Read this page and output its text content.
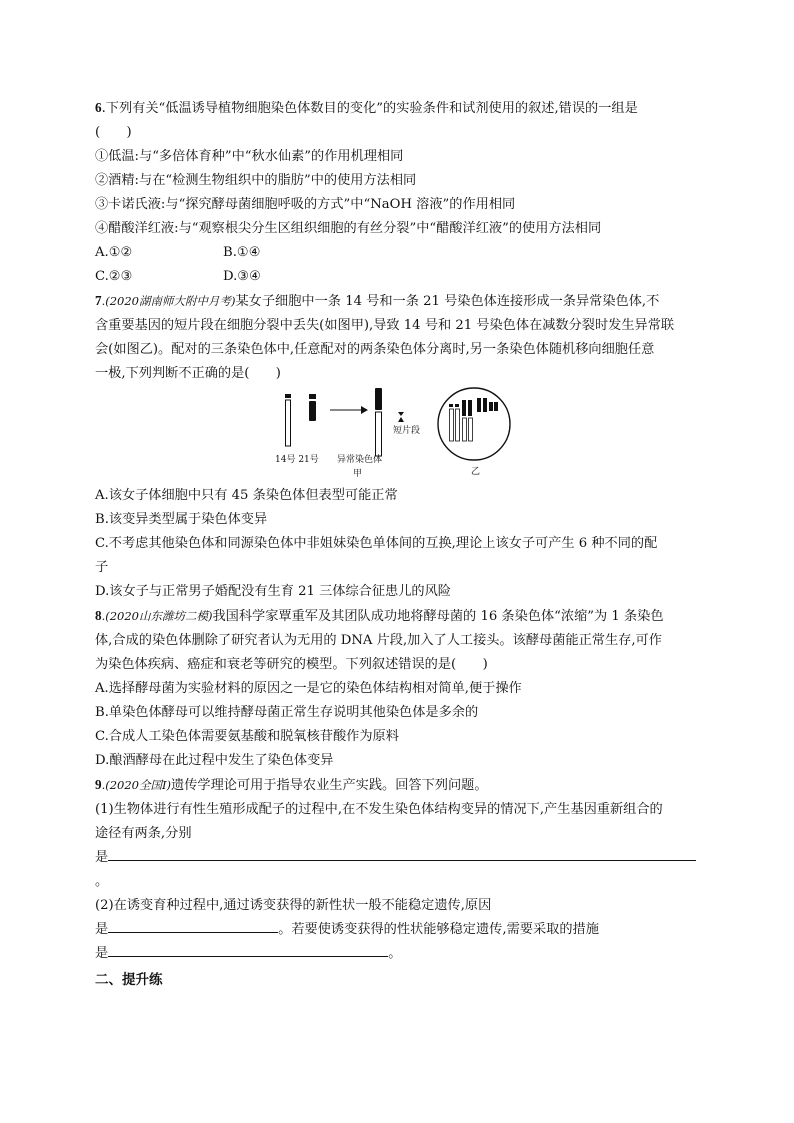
6.下列有关“低温诱导植物细胞染色体数目的变化”的实验条件和试剂使用的叙述,错误的一组是
(　　)
①低温:与“多倍体育种”中“秋水仙素”的作用机理相同
②酒精:与在“检测生物组织中的脂肪”中的使用方法相同
③卡诺氏液:与“探究酵母菌细胞呼吸的方式”中“NaOH 溶液”的作用相同
④醋酸洋红液:与“观察根尖分生区组织细胞的有丝分裂”中“醋酸洋红液”的使用方法相同
A.①②	B.①④
C.②③	D.③④
7.(2020湖南师大附中月考)某女子细胞中一条 14 号和一条 21 号染色体连接形成一条异常染色体,不
含重要基因的短片段在细胞分裂中丢失(如图甲),导致 14 号和 21 号染色体在减数分裂时发生异常联
会(如图乙)。配对的三条染色体中,任意配对的两条染色体分离时,另一条染色体随机移向细胞任意
一极,下列判断不正确的是(　　)
短片段
14号 21号 异常染色体
甲	乙
A.该女子体细胞中只有 45 条染色体但表型可能正常
B.该变异类型属于染色体变异
C.不考虑其他染色体和同源染色体中非姐妹染色单体间的互换,理论上该女子可产生 6 种不同的配
子
D.该女子与正常男子婚配没有生育 21 三体综合征患儿的风险
8.(2020山东潍坊二模)我国科学家覃重军及其团队成功地将酵母菌的 16 条染色体“浓缩”为 1 条染色
体,合成的染色体删除了研究者认为无用的 DNA 片段,加入了人工接头。该酵母菌能正常生存,可作
为染色体疾病、癌症和衰老等研究的模型。下列叙述错误的是(　　)
A.选择酵母菌为实验材料的原因之一是它的染色体结构相对简单,便于操作
B.单染色体酵母可以维持酵母菌正常生存说明其他染色体是多余的
C.合成人工染色体需要氨基酸和脱氧核苷酸作为原料
D.酿酒酵母在此过程中发生了染色体变异
9.(2020全国Ⅰ)遗传学理论可用于指导农业生产实践。回答下列问题。
(1)生物体进行有性生殖形成配子的过程中,在不发生染色体结构变异的情况下,产生基因重新组合的
途径有两条,分别
是
。
(2)在诱变育种过程中,通过诱变获得的新性状一般不能稳定遗传,原因
是	。若要使诱变获得的性状能够稳定遗传,需要采取的措施
是	。
二、提升练
